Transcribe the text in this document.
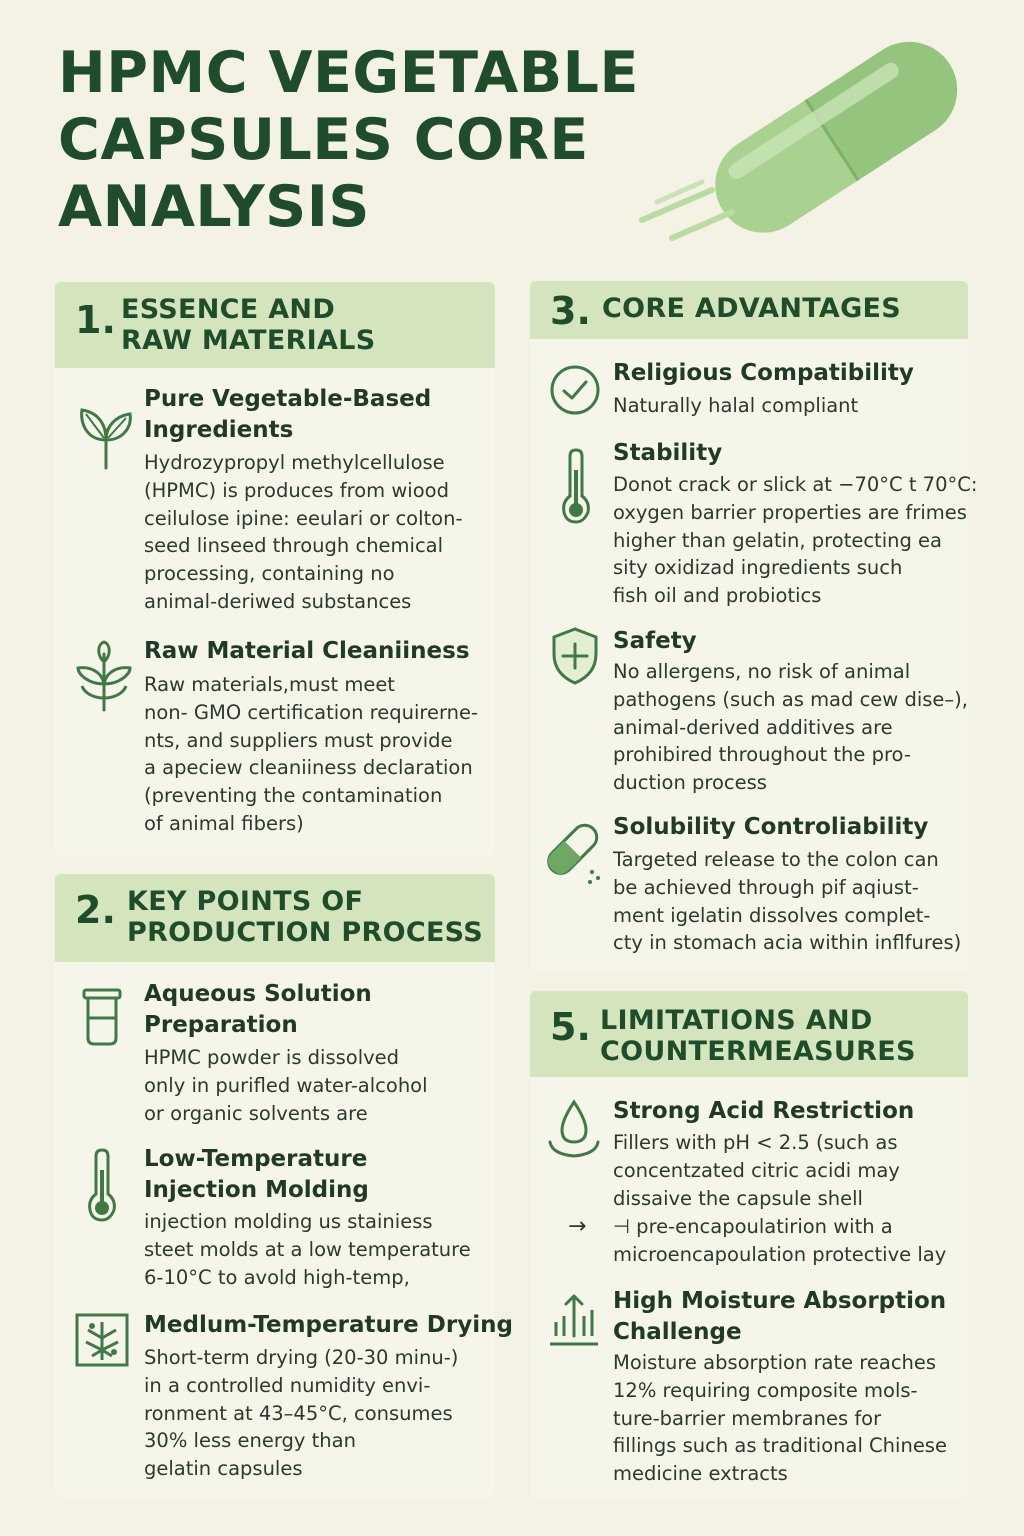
HPMC VEGETABLE
CAPSULES CORE
ANALYSIS
1. ESSENCE AND
RAW MATERIALS
Pure Vegetable-Based
Ingredients
Hydrozypropyl methylcellulose
(HPMC) is produces from wiood
ceilulose ipine: eeulari or colton-
seed linseed through chemical
processing, containing no
animal-deriwed substances
Raw Material Cleaniiness
Raw materials,must meet
non- GMO certification requirerne-
nts, and suppliers must provide
a apeciew cleaniiness declaration
(preventing the contamination
of animal fibers)
2. KEY POINTS OF
PRODUCTION PROCESS
Aqueous Solution
Preparation
HPMC powder is dissolved
only in purifled water-alcohol
or organic solvents are
Low-Temperature
Injection Molding
injection molding us stainiess
steet molds at a low temperature
6-10°C to avold high-temp,
Medlum-Temperature Drying
Short-term drying (20-30 minu-)
in a controlled numidity envi-
ronment at 43–45°C, consumes
30% less energy than
gelatin capsules
3. CORE ADVANTAGES
Religious Compatibility
Naturally halal compliant
Stability
Donot crack or slick at −70°C t 70°C:
oxygen barrier properties are frimes
higher than gelatin, protecting ea
sity oxidizad ingredients such
fish oil and probiotics
Safety
No allergens, no risk of animal
pathogens (such as mad cew dise–),
animal-derived additives are
prohibired throughout the pro-
duction process
Solubility Controliability
Targeted release to the colon can
be achieved through pif aqiust-
ment igelatin dissolves complet-
cty in stomach acia within inflfures)
5. LIMITATIONS AND
COUNTERMEASURES
Strong Acid Restriction
Fillers with pH < 2.5 (such as
concentzated citric acidi may
dissaive the capsule shell
→ ⊣ pre-encapoulatirion with a
microencapoulation protective lay
High Moisture Absorption
Challenge
Moisture absorption rate reaches
12% requiring composite mols-
ture-barrier membranes for
fillings such as traditional Chinese
medicine extracts
